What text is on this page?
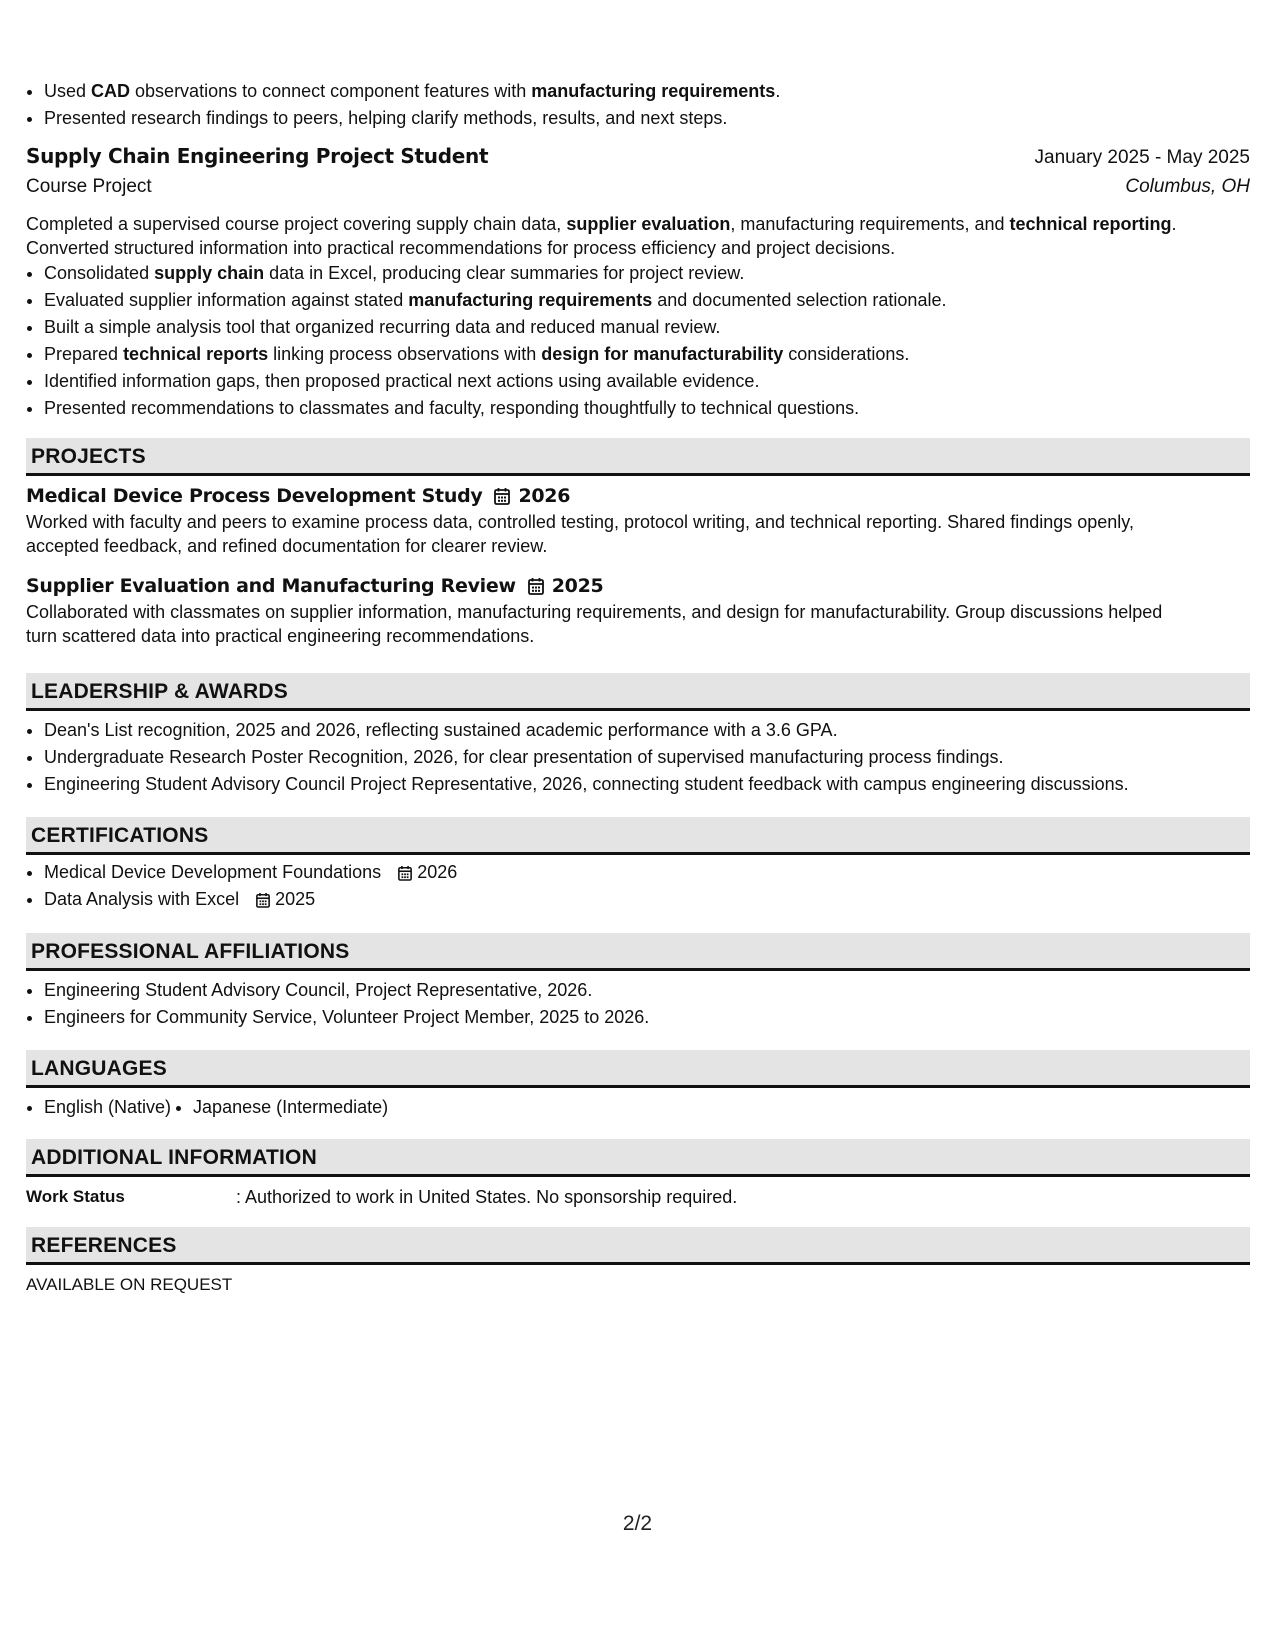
• Used CAD observations to connect component features with manufacturing requirements.
• Presented research findings to peers, helping clarify methods, results, and next steps.
Supply Chain Engineering Project Student	January 2025 - May 2025
Course Project	Columbus, OH
Completed a supervised course project covering supply chain data, supplier evaluation, manufacturing requirements, and technical reporting.
Converted structured information into practical recommendations for process efficiency and project decisions.
• Consolidated supply chain data in Excel, producing clear summaries for project review.
• Evaluated supplier information against stated manufacturing requirements and documented selection rationale.
• Built a simple analysis tool that organized recurring data and reduced manual review.
• Prepared technical reports linking process observations with design for manufacturability considerations.
• Identified information gaps, then proposed practical next actions using available evidence.
• Presented recommendations to classmates and faculty, responding thoughtfully to technical questions.
PROJECTS
Medical Device Process Development Study 2026
Worked with faculty and peers to examine process data, controlled testing, protocol writing, and technical reporting. Shared findings openly,
accepted feedback, and refined documentation for clearer review.
Supplier Evaluation and Manufacturing Review 2025
Collaborated with classmates on supplier information, manufacturing requirements, and design for manufacturability. Group discussions helped
turn scattered data into practical engineering recommendations.
LEADERSHIP & AWARDS
• Dean's List recognition, 2025 and 2026, reflecting sustained academic performance with a 3.6 GPA.
• Undergraduate Research Poster Recognition, 2026, for clear presentation of supervised manufacturing process findings.
• Engineering Student Advisory Council Project Representative, 2026, connecting student feedback with campus engineering discussions.
CERTIFICATIONS
• Medical Device Development Foundations 2026
• Data Analysis with Excel 2025
PROFESSIONAL AFFILIATIONS
• Engineering Student Advisory Council, Project Representative, 2026.
• Engineers for Community Service, Volunteer Project Member, 2025 to 2026.
LANGUAGES
• English (Native)
• Japanese (Intermediate)
ADDITIONAL INFORMATION
Work Status	: Authorized to work in United States. No sponsorship required.
REFERENCES
AVAILABLE ON REQUEST
2/2
